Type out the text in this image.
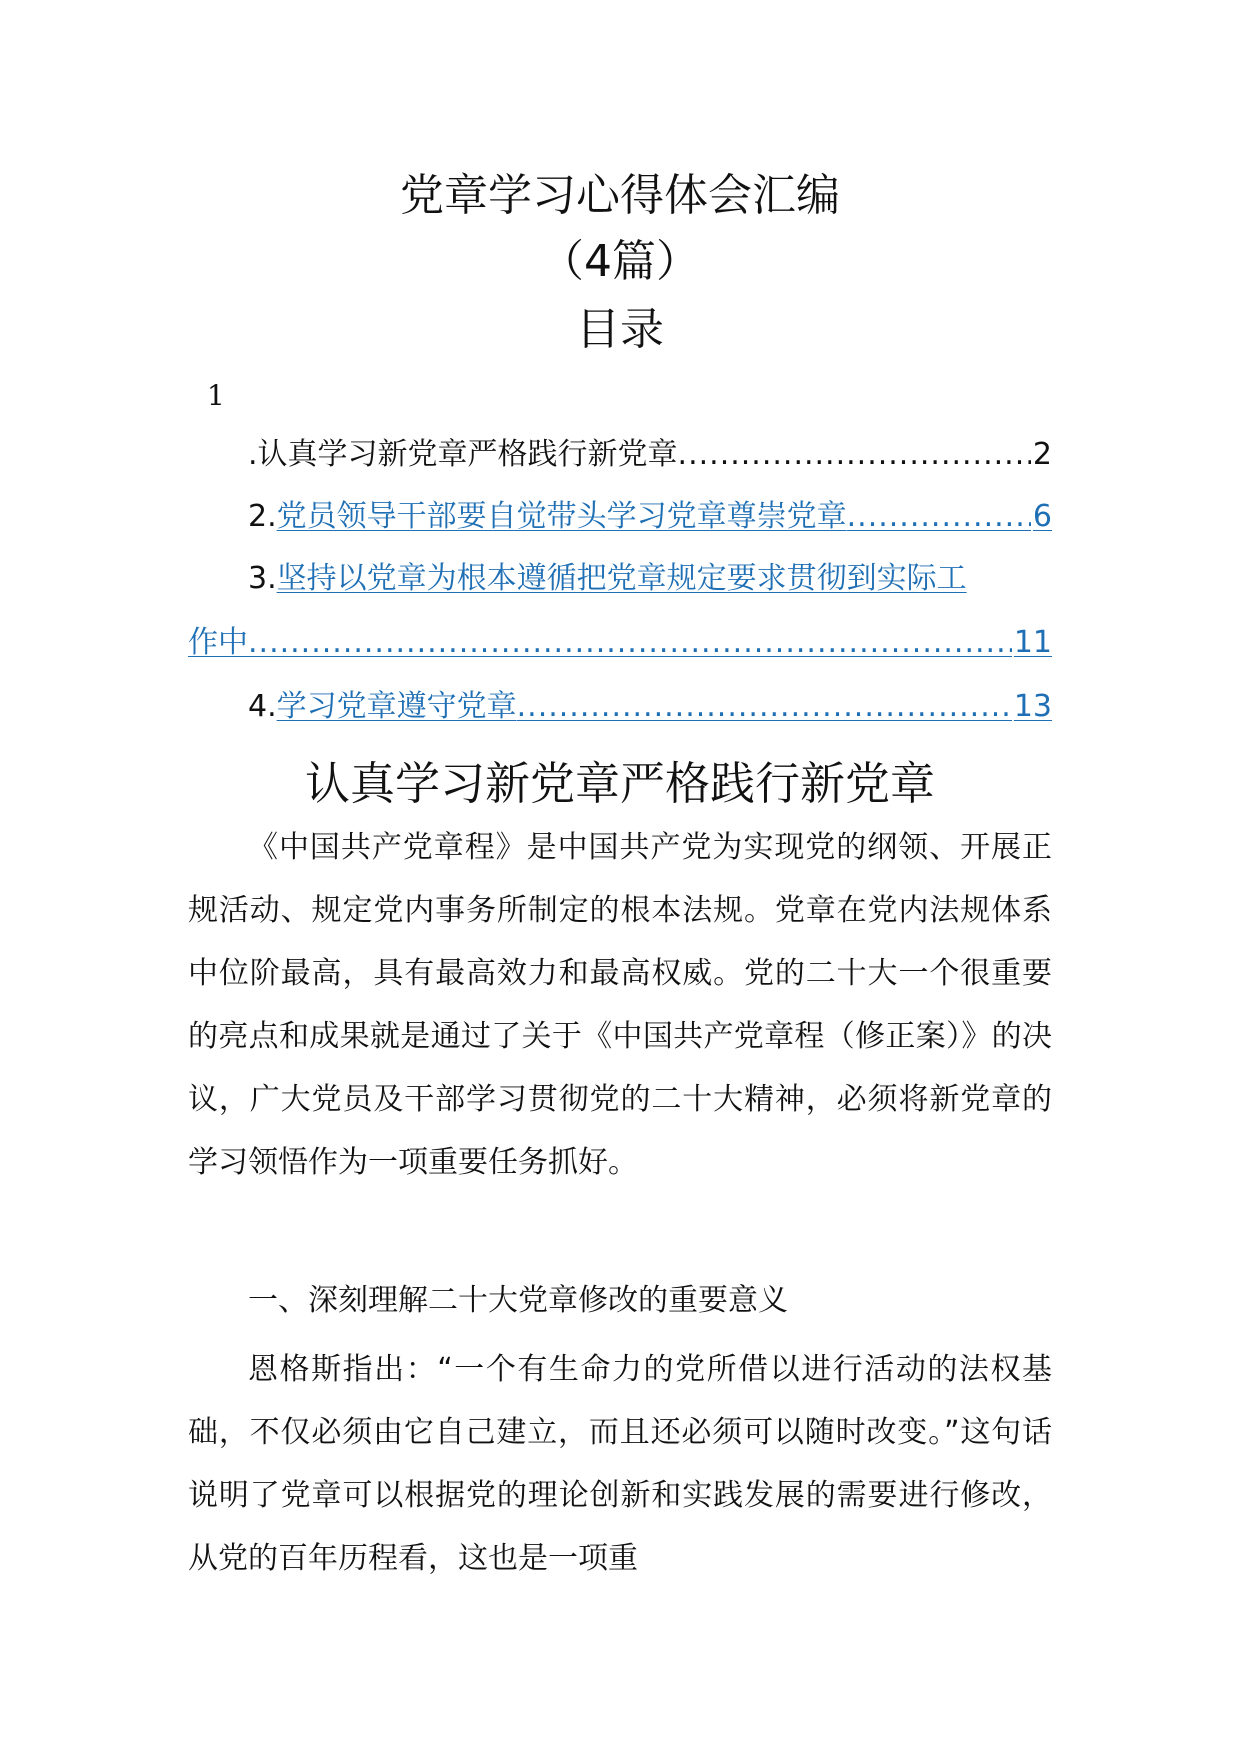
党章学习心得体会汇编
（4篇）
目录
1
. 认真学习新党章严格践行新党章 .....	2
2. 党员领导干部要自觉带头学习党章尊崇党章 .....	6
3. 坚持以党章为根本遵循把党章规定要求贯彻到实际工
作中 .....	11
4. 学习党章遵守党章 .....	13
认真学习新党章严格践行新党章

《中国共产党章程》是中国共产党为实现党的纲领、开展正规活动、规定党内事务所制定的根本法规。党章在党内法规体系中位阶最高，具有最高效力和最高权威。党的二十大一个很重要的亮点和成果就是通过了关于《中国共产党章程（修正案）》的决议，广大党员及干部学习贯彻党的二十大精神，必须将新党章的学习领悟作为一项重要任务抓好。

一、深刻理解二十大党章修改的重要意义

恩格斯指出：“一个有生命力的党所借以进行活动的法权基础，不仅必须由它自己建立，而且还必须可以随时改变。”这句话说明了党章可以根据党的理论创新和实践发展的需要进行修改，从党的百年历程看，这也是一项重
